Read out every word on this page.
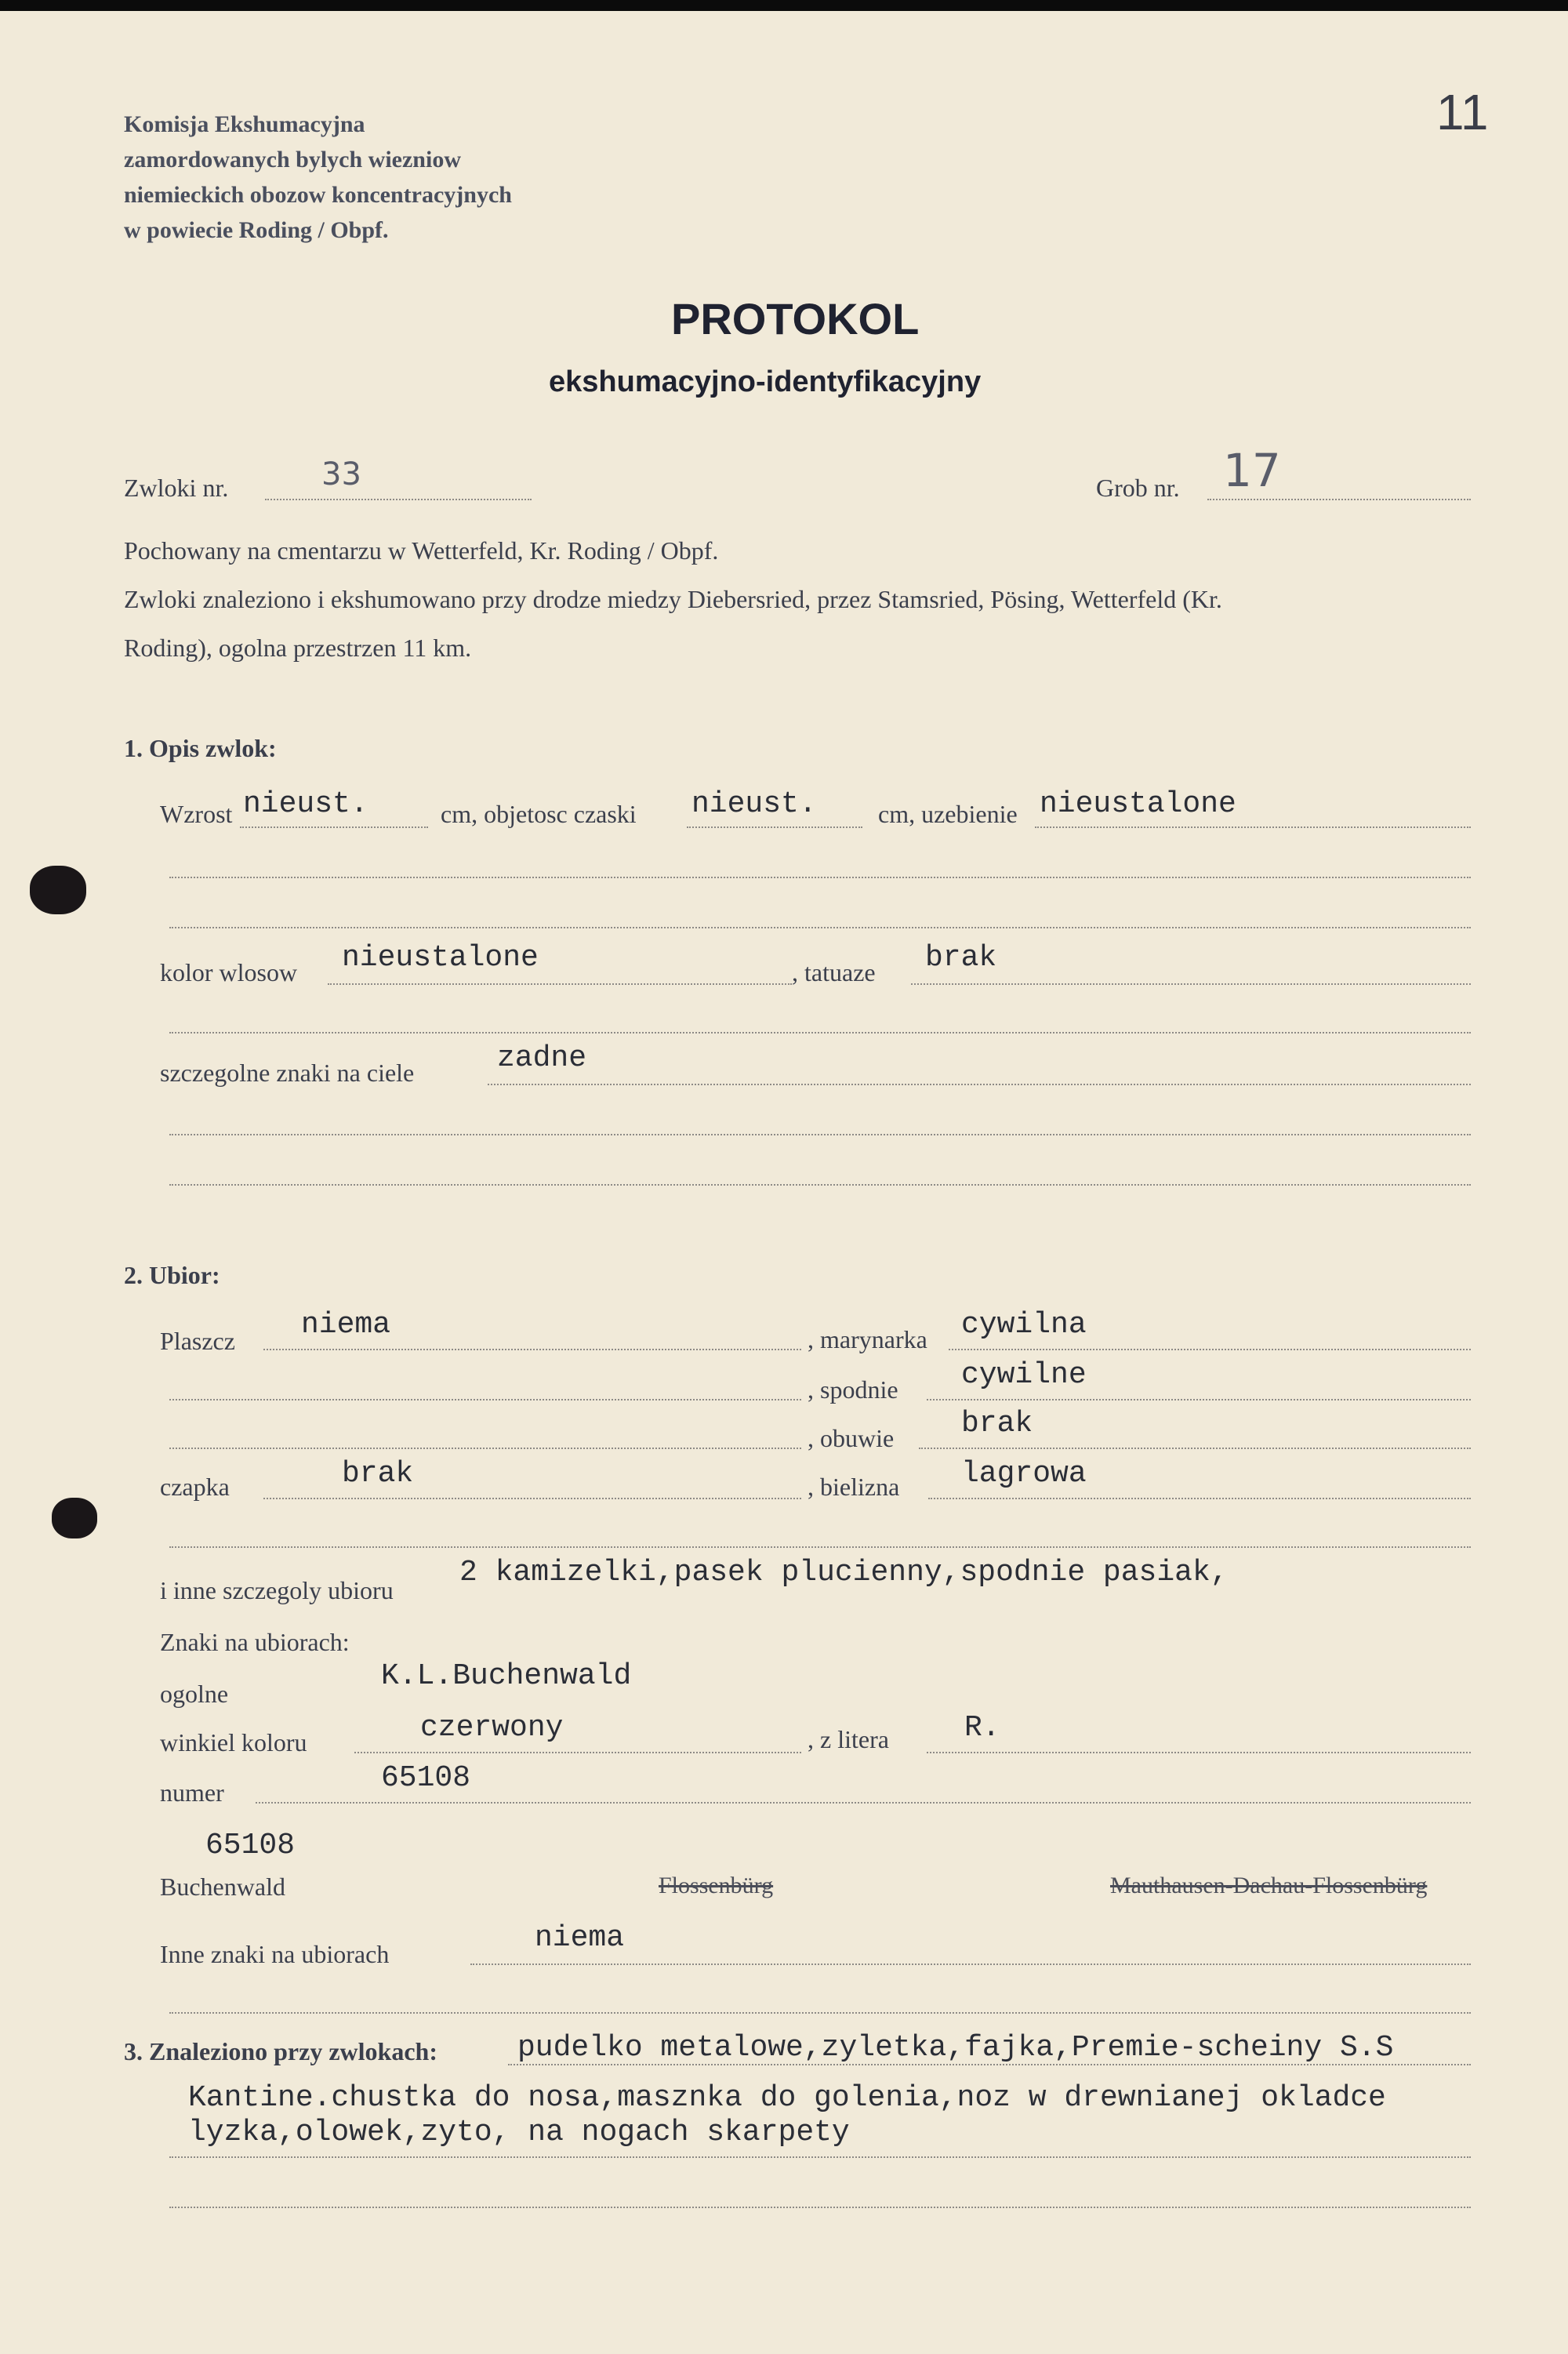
Komisja Ekshumacyjna
zamordowanych bylych wiezniow
niemieckich obozow koncentracyjnych
w powiecie Roding / Obpf.
11
PROTOKOL
ekshumacyjno-identyfikacyjny
Zwloki nr.	33	Grob nr. 17
Pochowany na cmentarzu w Wetterfeld, Kr. Roding / Obpf.
Zwloki znaleziono i ekshumowano przy drodze miedzy Diebersried, przez Stamsried, Pösing, Wetterfeld (Kr.
Roding), ogolna przestrzen 11 km.
1. Opis zwlok:
Wzrost nieust.	cm, objetosc czaski nieust. cm, uzebienie nieustalone
kolor wlosow nieustalone	, tatuaze brak
szczegolne znaki na ciele	zadne
2. Ubior:
Plaszcz niema	, marynarka cywilna
, spodnie cywilne
, obuwie brak
czapka	brak	, bielizna lagrowa
i inne szczegoly ubioru
2 kamizelki,pasek plucienny,spodnie pasiak,
Znaki na ubiorach:
ogolne
K.L.Buchenwald
winkiel koloru	czerwony	, z litera	R.
numer	65108
65108
Buchenwald	Flossenbürg	Mauthausen-Dachau-Flossenbürg
Inne znaki na ubiorach	niema
3. Znaleziono przy zwlokach:	pudelko metalowe,zyletka,fajka,Premie-scheiny S.S
Kantine.chustka do nosa,masznka do golenia,noz w drewnianej okladce
lyzka,olowek,zyto, na nogach skarpety
